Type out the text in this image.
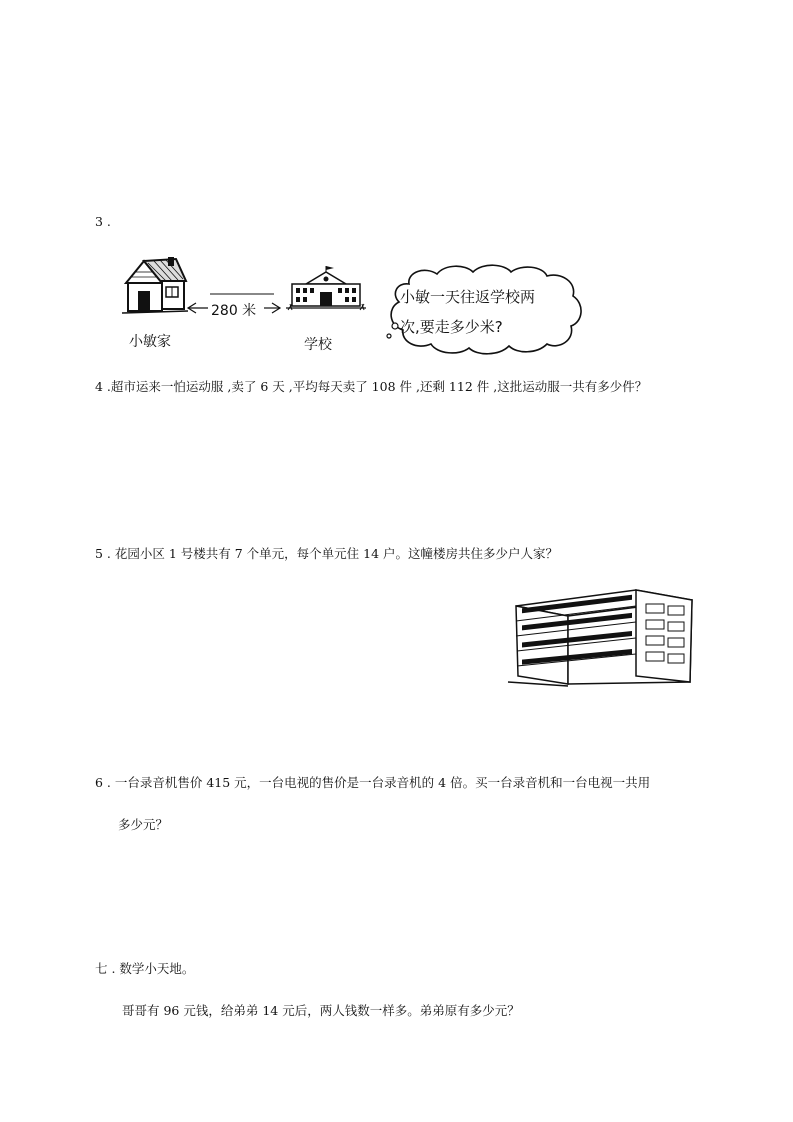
3 .
280 米
小敏家	学校
小敏一天往返学校两
次,要走多少米?
4 .超市运来一怕运动服 ,卖了 6 天 ,平均每天卖了 108 件 ,还剩 112 件 ,这批运动服一共有多少件？
5 . 花园小区 1 号楼共有 7 个单元，每个单元住 14 户。这幢楼房共住多少户人家？
6 . 一台录音机售价 415 元，一台电视的售价是一台录音机的 4 倍。买一台录音机和一台电视一共用
多少元？
七 . 数学小天地。
哥哥有 96 元钱，给弟弟 14 元后，两人钱数一样多。弟弟原有多少元？
